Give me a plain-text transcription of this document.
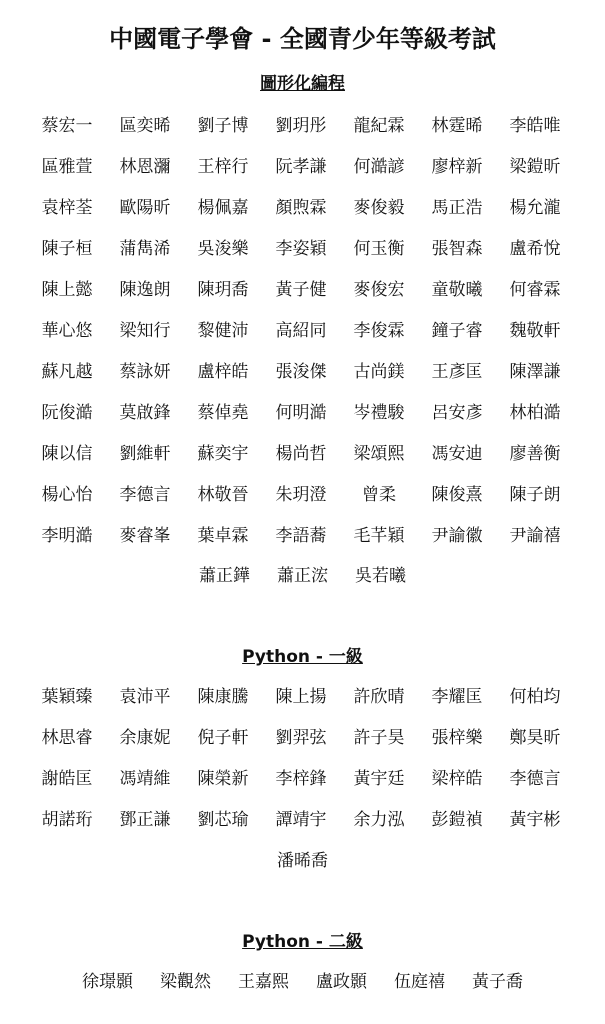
中國電子學會 - 全國青少年等級考試
圖形化編程
蔡宏一	區奕晞	劉子博	劉玥彤	龍紀霖	林霆晞	李皓唯
區雅萱	林恩瀰	王梓行	阮孝謙	何澔諺	廖梓新	梁鎧昕
袁梓荃	歐陽昕	楊佩嘉	顏煦霖	麥俊毅	馬正浩	楊允瀧
陳子桓	蒲雋浠	吳浚樂	李姿穎	何玉衡	張智森	盧希悅
陳上懿	陳逸朗	陳玥喬	黃子健	麥俊宏	童敬曦	何睿霖
華心悠	梁知行	黎健沛	高紹同	李俊霖	鐘子睿	魏敬軒
蘇凡越	蔡詠妍	盧梓皓	張浚傑	古尚鎂	王彥匡	陳澤謙
阮俊澔	莫啟鋒	蔡倬堯	何明澔	岑禮駿	呂安彥	林柏澔
陳以信	劉維軒	蘇奕宇	楊尚哲	梁頌熙	馮安迪	廖善衡
楊心怡	李德言	林敬晉	朱玥澄	曾柔	陳俊熹	陳子朗
李明澔	麥睿峯	葉卓霖	李語蕎	毛芊穎	尹諭徽	尹諭禧
蕭正鏵	蕭正浤	吳若曦
Python - 一級
葉穎臻	袁沛平	陳康騰	陳上揚	許欣晴	李耀匡	何柏均
林思睿	余康妮	倪子軒	劉羿弦	許子昊	張梓樂	鄭昊昕
謝皓匡	馮靖維	陳榮新	李梓鋒	黃宇廷	梁梓皓	李德言
胡諾珩	鄧正謙	劉芯瑜	譚靖宇	余力泓	彭鎧禎	黃宇彬
潘晞喬
Python - 二級
徐璟顥	梁觀然	王嘉熙	盧政顥	伍庭禧	黃子喬
